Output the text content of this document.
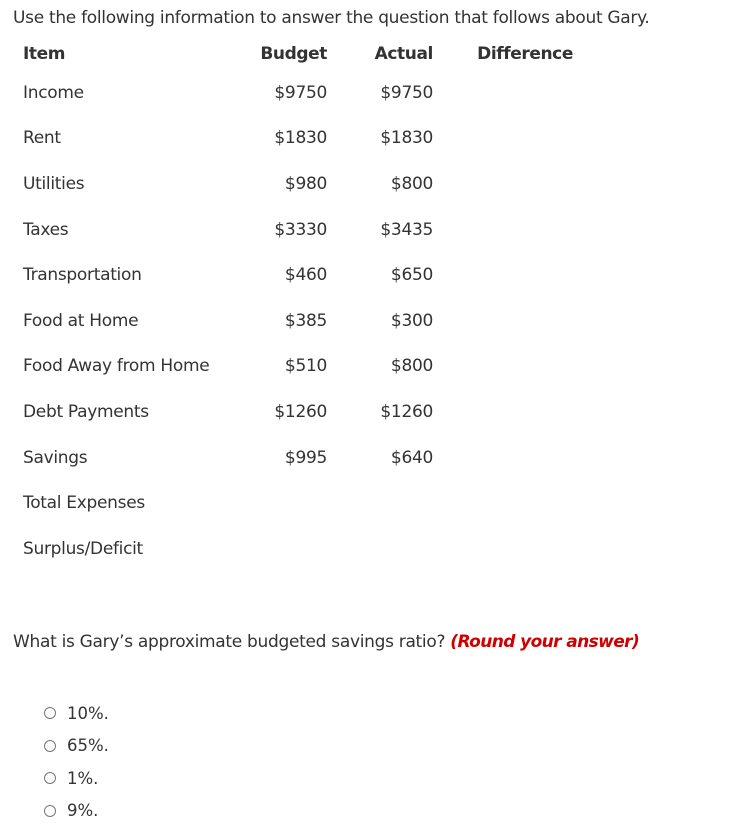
Use the following information to answer the question that follows about Gary.
Item	Budget	Actual	Difference
Income	$9750	$9750	
Rent	$1830	$1830	
Utilities	$980	$800	
Taxes	$3330	$3435	
Transportation	$460	$650	
Food at Home	$385	$300	
Food Away from Home	$510	$800	
Debt Payments	$1260	$1260	
Savings	$995	$640	
Total Expenses			
Surplus/Deficit			
What is Gary’s approximate budgeted savings ratio? (Round your answer)
10%.
65%.
1%.
9%.
